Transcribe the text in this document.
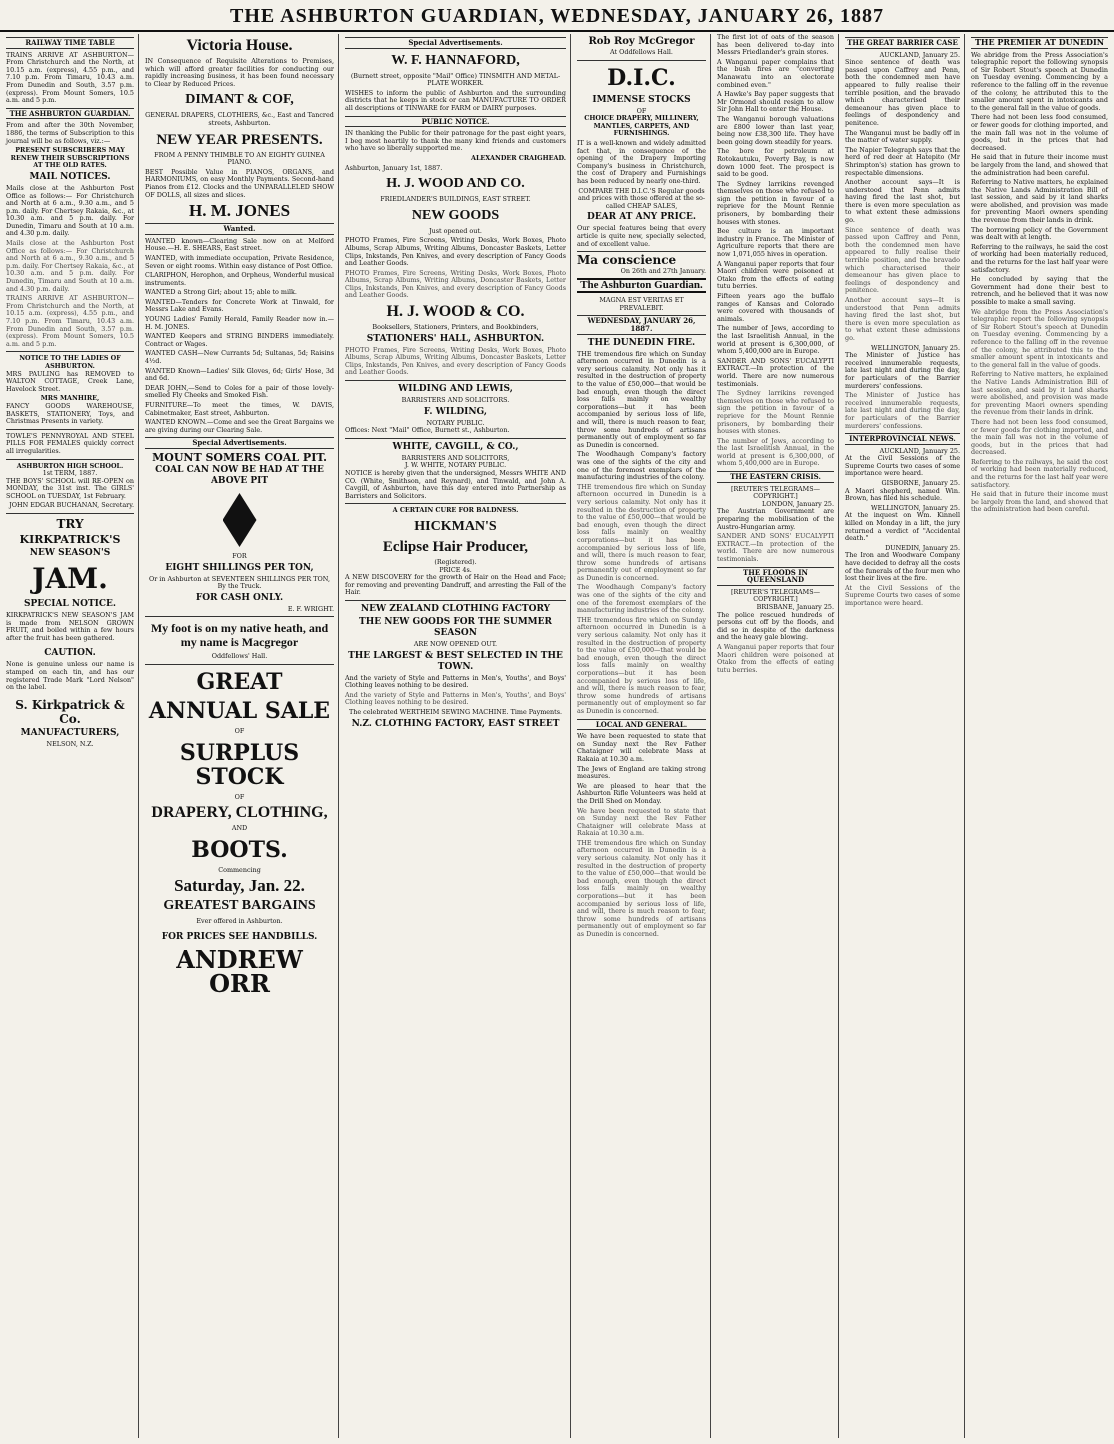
THE ASHBURTON GUARDIAN, WEDNESDAY, JANUARY 26, 1887
RAILWAY TIME TABLE

TRAINS ARRIVE AT ASHBURTON—From Christchurch and the North, at 10.15 a.m. (express), 4.55 p.m., and 7.10 p.m. From Timaru, 10.43 a.m. From Dunedin and South, 3.57 p.m. (express). From Mount Somers, 10.5 a.m. and 5 p.m.

THE ASHBURTON GUARDIAN.

From and after the 30th November, 1886, the terms of Subscription to this journal will be as follows, viz.:—

PRESENT SUBSCRIBERS MAY RENEW THEIR SUBSCRIPTIONS AT THE OLD RATES.

MAIL NOTICES.

Mails close at the Ashburton Post Office as follows:— For Christchurch and North at 6 a.m., 9.30 a.m., and 5 p.m. daily. For Chertsey Rakaia, &c., at 10.30 a.m. and 5 p.m. daily. For Dunedin, Timaru and South at 10 a.m. and 4.30 p.m. daily.

Mails close at the Ashburton Post Office as follows:— For Christchurch and North at 6 a.m., 9.30 a.m., and 5 p.m. daily. For Chertsey Rakaia, &c., at 10.30 a.m. and 5 p.m. daily. For Dunedin, Timaru and South at 10 a.m. and 4.30 p.m. daily.

TRAINS ARRIVE AT ASHBURTON—From Christchurch and the North, at 10.15 a.m. (express), 4.55 p.m., and 7.10 p.m. From Timaru, 10.43 a.m. From Dunedin and South, 3.57 p.m. (express). From Mount Somers, 10.5 a.m. and 5 p.m.

NOTICE TO THE LADIES OF ASHBURTON.

MRS PAULING has REMOVED to WALTON COTTAGE, Creek Lane, Havelock Street.

MRS MANHIRE,

FANCY GOODS WAREHOUSE, BASKETS, STATIONERY, Toys, and Christmas Presents in variety.

TOWLE'S PENNYROYAL AND STEEL PILLS FOR FEMALES quickly correct all irregularities.

ASHBURTON HIGH SCHOOL.
1st TERM, 1887.

THE BOYS' SCHOOL will RE-OPEN on MONDAY, the 31st inst. The GIRLS' SCHOOL on TUESDAY, 1st February.

JOHN EDGAR BUCHANAN, Secretary.

TRY
KIRKPATRICK'S
NEW SEASON'S
JAM.
SPECIAL NOTICE.

KIRKPATRICK'S NEW SEASON'S JAM is made from NELSON GROWN FRUIT, and boiled within a few hours after the fruit has been gathered.

CAUTION.

None is genuine unless our name is stamped on each tin, and has our registered Trade Mark "Lord Nelson" on the label.

S. Kirkpatrick & Co.
MANUFACTURERS,
NELSON, N.Z.
Victoria House.

IN Consequence of Requisite Alterations to Premises, which will afford greater facilities for conducting our rapidly increasing business, it has been found necessary to Clear by Reduced Prices.

DIMANT & COF,

GENERAL DRAPERS, CLOTHIERS, &c., East and Tancred streets, Ashburton.

NEW YEAR PRESENTS.

FROM A PENNY THIMBLE TO AN EIGHTY GUINEA PIANO.

BEST Possible Value in PIANOS, ORGANS, and HARMONIUMS, on easy Monthly Payments. Second-hand Pianos from £12. Clocks and the UNPARALLELED SHOW OF DOLLS, all sizes and slices.

H. M. JONES
Wanted.

WANTED known—Clearing Sale now on at Melford House.—H. E. SHEARS, East street.

WANTED, with immediate occupation, Private Residence, Seven or eight rooms. Within easy distance of Post Office.

CLARIPHON, Herophon, and Orpheus, Wonderful musical instruments.

WANTED a Strong Girl; about 15; able to milk.

WANTED—Tenders for Concrete Work at Tinwald, for Messrs Lake and Evans.

YOUNG Ladies' Family Herald, Family Reader now in.—H. M. JONES.

WANTED Keepers and STRING BINDERS immediately. Contract or Wages.

WANTED CASH—New Currants 5d; Sultanas, 5d; Raisins 4½d.

WANTED Known—Ladies' Silk Gloves, 6d; Girls' Hose, 3d and 6d.

DEAR JOHN,—Send to Coles for a pair of those lovely-smelled Fly Cheeks and Smoked Fish.

FURNITURE—To meet the times, W. DAVIS, Cabinetmaker, East street, Ashburton.

WANTED KNOWN.—Come and see the Great Bargains we are giving during our Clearing Sale.

Special Advertisements.
MOUNT SOMERS COAL PIT.
COAL CAN NOW BE HAD AT THE ABOVE PIT
FOR
EIGHT SHILLINGS PER TON,

Or in Ashburton at SEVENTEEN SHILLINGS PER TON, By the Truck.

FOR CASH ONLY.
E. F. WRIGHT.
My foot is on my native heath, and my name is Macgregor
Oddfellows' Hall.
GREAT
ANNUAL SALE
OF
SURPLUS STOCK
OF
DRAPERY, CLOTHING,
AND
BOOTS.
Commencing
Saturday, Jan. 22.
GREATEST BARGAINS
Ever offered in Ashburton.
FOR PRICES SEE HANDBILLS.
ANDREW ORR
Special Advertisements.
W. F. HANNAFORD,

(Burnett street, opposite "Mail" Office) TINSMITH AND METAL-PLATE WORKER.

WISHES to inform the public of Ashburton and the surrounding districts that he keeps in stock or can MANUFACTURE TO ORDER all descriptions of TINWARE for FARM or DAIRY purposes.

PUBLIC NOTICE.

IN thanking the Public for their patronage for the past eight years, I beg most heartily to thank the many kind friends and customers who have so liberally supported me.

ALEXANDER CRAIGHEAD.

Ashburton, January 1st, 1887.

H. J. WOOD AND CO.

FRIEDLANDER'S BUILDINGS, EAST STREET.

NEW GOODS

Just opened out.

PHOTO Frames, Fire Screens, Writing Desks, Work Boxes, Photo Albums, Scrap Albums, Writing Albums, Doncaster Baskets, Letter Clips, Inkstands, Pen Knives, and every description of Fancy Goods and Leather Goods.

PHOTO Frames, Fire Screens, Writing Desks, Work Boxes, Photo Albums, Scrap Albums, Writing Albums, Doncaster Baskets, Letter Clips, Inkstands, Pen Knives, and every description of Fancy Goods and Leather Goods.

H. J. WOOD & CO.

Booksellers, Stationers, Printers, and Bookbinders,

STATIONERS' HALL, ASHBURTON.

PHOTO Frames, Fire Screens, Writing Desks, Work Boxes, Photo Albums, Scrap Albums, Writing Albums, Doncaster Baskets, Letter Clips, Inkstands, Pen Knives, and every description of Fancy Goods and Leather Goods.

WILDING AND LEWIS,
BARRISTERS AND SOLICITORS.
F. WILDING,
NOTARY PUBLIC.

Offices: Next "Mail" Office, Burnett st., Ashburton.

WHITE, CAVGILL, & CO.,
BARRISTERS AND SOLICITORS,
J. W. WHITE, NOTARY PUBLIC.

NOTICE is hereby given that the undersigned, Messrs WHITE AND CO. (White, Smithson, and Reynard), and Tinwald, and John A. Cavgill, of Ashburton, have this day entered into Partnership as Barristers and Solicitors.

A CERTAIN CURE FOR BALDNESS.
HICKMAN'S
Eclipse Hair Producer,
(Registered).
PRICE 4s.

A NEW DISCOVERY for the growth of Hair on the Head and Face; for removing and preventing Dandruff, and arresting the Fall of the Hair.

NEW ZEALAND CLOTHING FACTORY
THE NEW GOODS FOR THE SUMMER SEASON
ARE NOW OPENED OUT.
THE LARGEST & BEST SELECTED IN THE TOWN.

And the variety of Style and Patterns in Men's, Youths', and Boys' Clothing leaves nothing to be desired.

And the variety of Style and Patterns in Men's, Youths', and Boys' Clothing leaves nothing to be desired.

The celebrated WERTHEIM SEWING MACHINE. Time Payments.

N.Z. CLOTHING FACTORY, EAST STREET
Rob Roy McGregor
At Oddfellows Hall.
D.I.C.
IMMENSE STOCKS
OF

CHOICE DRAPERY, MILLINERY, MANTLES, CARPETS, AND FURNISHINGS.

IT is a well-known and widely admitted fact that, in consequence of the opening of the Drapery Importing Company's business in Christchurch, the cost of Drapery and Furnishings has been reduced by nearly one-third.

COMPARE THE D.I.C.'S Regular goods and prices with those offered at the so-called CHEAP SALES,

DEAR AT ANY PRICE.

Our special features being that every article is quite new, specially selected, and of excellent value.

Ma conscience
On 26th and 27th January.
The Ashburton Guardian.
MAGNA EST VERITAS ET PREVALEBIT.
WEDNESDAY, JANUARY 26, 1887.
THE DUNEDIN FIRE.

THE tremendous fire which on Sunday afternoon occurred in Dunedin is a very serious calamity. Not only has it resulted in the destruction of property to the value of £50,000—that would be bad enough, even though the direct loss falls mainly on wealthy corporations—but it has been accompanied by serious loss of life, and will, there is much reason to fear, throw some hundreds of artisans permanently out of employment so far as Dunedin is concerned.

The Woodhaugh Company's factory was one of the sights of the city and one of the foremost exemplars of the manufacturing industries of the colony.

THE tremendous fire which on Sunday afternoon occurred in Dunedin is a very serious calamity. Not only has it resulted in the destruction of property to the value of £50,000—that would be bad enough, even though the direct loss falls mainly on wealthy corporations—but it has been accompanied by serious loss of life, and will, there is much reason to fear, throw some hundreds of artisans permanently out of employment so far as Dunedin is concerned.

The Woodhaugh Company's factory was one of the sights of the city and one of the foremost exemplars of the manufacturing industries of the colony.

THE tremendous fire which on Sunday afternoon occurred in Dunedin is a very serious calamity. Not only has it resulted in the destruction of property to the value of £50,000—that would be bad enough, even though the direct loss falls mainly on wealthy corporations—but it has been accompanied by serious loss of life, and will, there is much reason to fear, throw some hundreds of artisans permanently out of employment so far as Dunedin is concerned.

LOCAL AND GENERAL.

We have been requested to state that on Sunday next the Rev Father Chataigner will celebrate Mass at Rakaia at 10.30 a.m.

The Jews of England are taking strong measures.

We are pleased to hear that the Ashburton Rifle Volunteers was held at the Drill Shed on Monday.

We have been requested to state that on Sunday next the Rev Father Chataigner will celebrate Mass at Rakaia at 10.30 a.m.

THE tremendous fire which on Sunday afternoon occurred in Dunedin is a very serious calamity. Not only has it resulted in the destruction of property to the value of £50,000—that would be bad enough, even though the direct loss falls mainly on wealthy corporations—but it has been accompanied by serious loss of life, and will, there is much reason to fear, throw some hundreds of artisans permanently out of employment so far as Dunedin is concerned.

The first lot of oats of the season has been delivered to-day into Messrs Friedlander's grain stores.

A Wanganui paper complains that the bush fires are "converting Manawatu into an electorate combined even."

A Hawke's Bay paper suggests that Mr Ormond should resign to allow Sir John Hall to enter the House.

The Wanganui borough valuations are £800 lower than last year, being now £38,300 life. They have been going down steadily for years.

The bore for petroleum at Rotokautuku, Poverty Bay, is now down 1000 feet. The prospect is said to be good.

The Sydney larrikins revenged themselves on those who refused to sign the petition in favour of a reprieve for the Mount Rennie prisoners, by bombarding their houses with stones.

Bee culture is an important industry in France. The Minister of Agriculture reports that there are now 1,071,055 hives in operation.

A Wanganui paper reports that four Maori children were poisoned at Otako from the effects of eating tutu berries.

Fifteen years ago the buffalo ranges of Kansas and Colorado were covered with thousands of animals.

The number of Jews, according to the last Israelitish Annual, in the world at present is 6,300,000, of whom 5,400,000 are in Europe.

SANDER AND SONS' EUCALYPTI EXTRACT.—In protection of the world. There are now numerous testimonials.

The Sydney larrikins revenged themselves on those who refused to sign the petition in favour of a reprieve for the Mount Rennie prisoners, by bombarding their houses with stones.

The number of Jews, according to the last Israelitish Annual, in the world at present is 6,300,000, of whom 5,400,000 are in Europe.

THE EASTERN CRISIS.
[REUTER'S TELEGRAMS—COPYRIGHT.]
LONDON, January 25.

The Austrian Government are preparing the mobilisation of the Austro-Hungarian army.

SANDER AND SONS' EUCALYPTI EXTRACT.—In protection of the world. There are now numerous testimonials.

THE FLOODS IN QUEENSLAND
[REUTER'S TELEGRAMS—COPYRIGHT.]
BRISBANE, January 25.

The police rescued hundreds of persons cut off by the floods, and did so in despite of the darkness and the heavy gale blowing.

A Wanganui paper reports that four Maori children were poisoned at Otako from the effects of eating tutu berries.

THE GREAT BARRIER CASE
AUCKLAND, January 25.

Since sentence of death was passed upon Caffrey and Penn, both the condemned men have appeared to fully realise their terrible position, and the bravado which characterised their demeanour has given place to feelings of despondency and penitence.

The Wanganui must be badly off in the matter of water supply.

The Napier Telegraph says that the herd of red deer at Hatepito (Mr Shrimpton's) station has grown to respectable dimensions.

Another account says—It is understood that Penn admits having fired the last shot, but there is even more speculation as to what extent these admissions go.

Since sentence of death was passed upon Caffrey and Penn, both the condemned men have appeared to fully realise their terrible position, and the bravado which characterised their demeanour has given place to feelings of despondency and penitence.

Another account says—It is understood that Penn admits having fired the last shot, but there is even more speculation as to what extent these admissions go.

WELLINGTON, January 25.

The Minister of Justice has received innumerable requests, late last night and during the day, for particulars of the Barrier murderers' confessions.

The Minister of Justice has received innumerable requests, late last night and during the day, for particulars of the Barrier murderers' confessions.

INTERPROVINCIAL NEWS.
AUCKLAND, January 25.

At the Civil Sessions of the Supreme Courts two cases of some importance were heard.

GISBORNE, January 25.

A Maori shepherd, named Win. Brown, has filed his schedule.

WELLINGTON, January 25.

At the inquest on Wm. Kinnell killed on Monday in a lift, the jury returned a verdict of "Accidental death."

DUNEDIN, January 25.

The Iron and Woodware Company have decided to defray all the costs of the funerals of the four men who lost their lives at the fire.

At the Civil Sessions of the Supreme Courts two cases of some importance were heard.

THE PREMIER AT DUNEDIN

We abridge from the Press Association's telegraphic report the following synopsis of Sir Robert Stout's speech at Dunedin on Tuesday evening. Commencing by a reference to the falling off in the revenue of the colony, he attributed this to the smaller amount spent in intoxicants and to the general fall in the value of goods.

There had not been less food consumed, or fewer goods for clothing imported, and the main fall was not in the volume of goods, but in the prices that had decreased.

He said that in future their income must be largely from the land, and showed that the administration had been careful.

Referring to Native matters, he explained the Native Lands Administration Bill of last session, and said by it land sharks were abolished, and provision was made for preventing Maori owners spending the revenue from their lands in drink.

The borrowing policy of the Government was dealt with at length.

Referring to the railways, he said the cost of working had been materially reduced, and the returns for the last half year were satisfactory.

He concluded by saying that the Government had done their best to retrench, and he believed that it was now possible to make a small saving.

We abridge from the Press Association's telegraphic report the following synopsis of Sir Robert Stout's speech at Dunedin on Tuesday evening. Commencing by a reference to the falling off in the revenue of the colony, he attributed this to the smaller amount spent in intoxicants and to the general fall in the value of goods.

Referring to Native matters, he explained the Native Lands Administration Bill of last session, and said by it land sharks were abolished, and provision was made for preventing Maori owners spending the revenue from their lands in drink.

There had not been less food consumed, or fewer goods for clothing imported, and the main fall was not in the volume of goods, but in the prices that had decreased.

Referring to the railways, he said the cost of working had been materially reduced, and the returns for the last half year were satisfactory.

He said that in future their income must be largely from the land, and showed that the administration had been careful.
